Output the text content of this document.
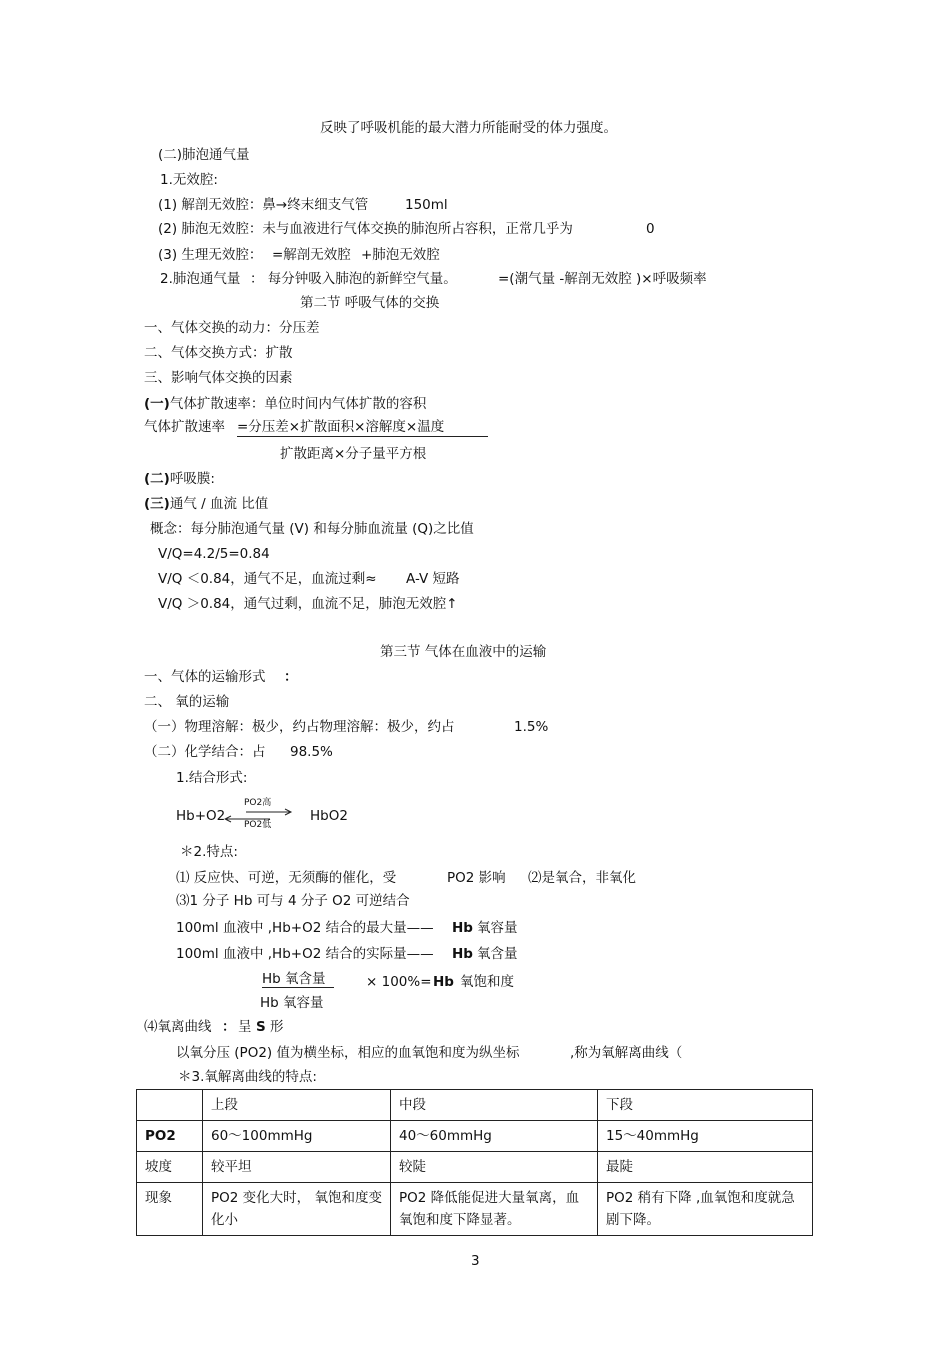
反映了呼吸机能的最大潜力所能耐受的体力强度。
(二)肺泡通气量
1.无效腔:
(1) 解剖无效腔：鼻→终末细支气管	150ml
(2) 肺泡无效腔：未与血液进行气体交换的肺泡所占容积，正常几乎为	0
(3) 生理无效腔： =解剖无效腔 +肺泡无效腔
2.肺泡通气量 ： 每分钟吸入肺泡的新鲜空气量。	=(潮气量 -解剖无效腔 )×呼吸频率
第二节 呼吸气体的交换
一、气体交换的动力：分压差
二、气体交换方式：扩散
三、影响气体交换的因素
(一)气体扩散速率：单位时间内气体扩散的容积
气体扩散速率 =分压差×扩散面积×溶解度×温度
扩散距离×分子量平方根
(二)呼吸膜:
(三)通气 / 血流 比值
概念：每分肺泡通气量 (V) 和每分肺血流量 (Q)之比值
V/Q=4.2/5=0.84
V/Q ＜0.84，通气不足，血流过剩≈ A-V 短路
V/Q ＞0.84，通气过剩，血流不足，肺泡无效腔↑
第三节 气体在血液中的运输
一、气体的运输形式 ：
二、 氧的运输
（一）物理溶解：极少，约占物理溶解：极少，约占	1.5%
（二）化学结合：占 98.5%
1.结合形式:
Hb+O2
PO2高
PO2低
HbO2
＊2.特点:
⑴ 反应快、可逆，无须酶的催化，受	PO2 影响 ⑵是氧合，非氧化
⑶1 分子 Hb 可与 4 分子 O2 可逆结合
100ml 血液中 ,Hb+O2 结合的最大量—— Hb 氧容量
100ml 血液中 ,Hb+O2 结合的实际量—— Hb 氧含量
Hb 氧含量	× 100%= Hb 氧饱和度
Hb 氧容量
⑷氧离曲线 ： 呈 S 形
以氧分压 (PO2) 值为横坐标，相应的血氧饱和度为纵坐标	,称为氧解离曲线（
＊3.氧解离曲线的特点:
	上段	中段	下段
PO2	60～100mmHg	40～60mmHg	15～40mmHg
坡度	较平坦	较陡	最陡
现象	PO2 变化大时， 氧饱和度变化小	PO2 降低能促进大量氧离，血氧饱和度下降显著。	PO2 稍有下降 ,血氧饱和度就急剧下降。
3
